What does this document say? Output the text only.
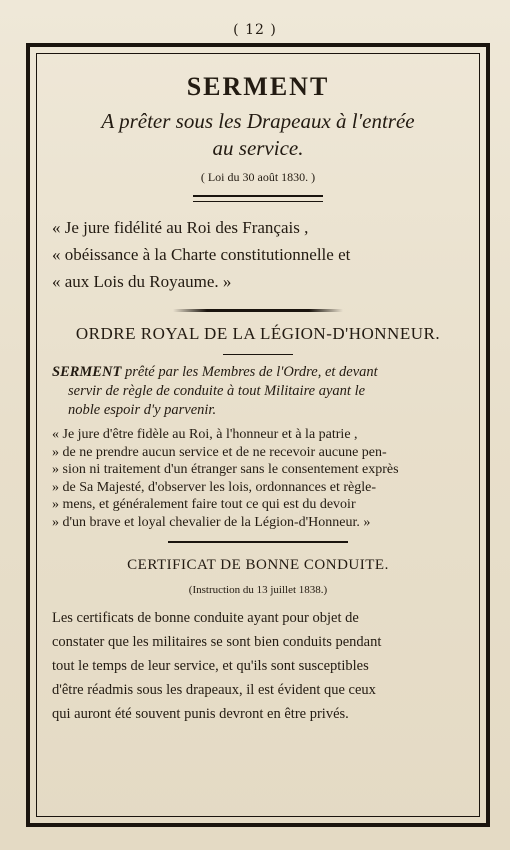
( 12 )
SERMENT
A prêter sous les Drapeaux à l'entrée
au service.
( Loi du 30 août 1830. )
« Je jure fidélité au Roi des Français ,
« obéissance à la Charte constitutionnelle et
« aux Lois du Royaume. »
ORDRE ROYAL DE LA LÉGION-D'HONNEUR.
SERMENT prêté par les Membres de l'Ordre, et devant
servir de règle de conduite à tout Militaire ayant le
noble espoir d'y parvenir.
« Je jure d'être fidèle au Roi, à l'honneur et à la patrie ,
» de ne prendre aucun service et de ne recevoir aucune pen-
» sion ni traitement d'un étranger sans le consentement exprès
» de Sa Majesté, d'observer les lois, ordonnances et règle-
» mens, et généralement faire tout ce qui est du devoir
» d'un brave et loyal chevalier de la Légion-d'Honneur. »
CERTIFICAT DE BONNE CONDUITE.
(Instruction du 13 juillet 1838.)
Les certificats de bonne conduite ayant pour objet de
constater que les militaires se sont bien conduits pendant
tout le temps de leur service, et qu'ils sont susceptibles
d'être réadmis sous les drapeaux, il est évident que ceux
qui auront été souvent punis devront en être privés.
